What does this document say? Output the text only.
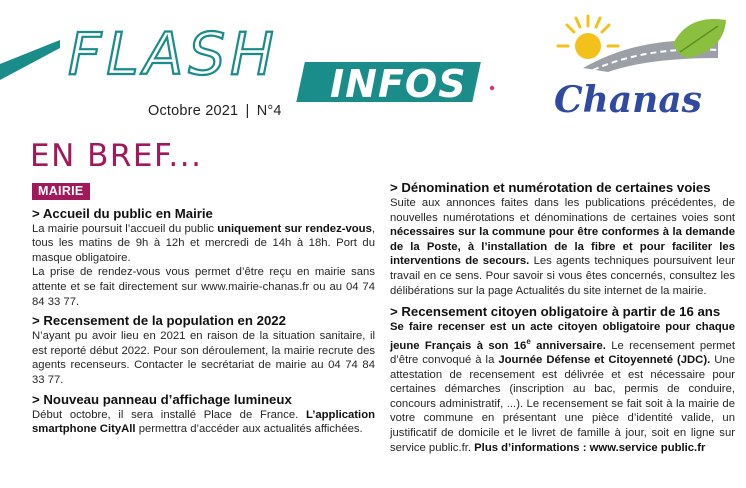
FLASH INFOS
Octobre 2021 | N°4	Chanas
EN BREF...
MAIRIE
> Accueil du public en Mairie

La mairie poursuit l’accueil du public uniquement sur rendez-vous, tous les matins de 9h à 12h et mercredi de 14h à 18h. Port du masque obligatoire.

La prise de rendez-vous vous permet d’être reçu en mairie sans attente et se fait directement sur www.mairie-chanas.fr ou au 04 74 84 33 77.

> Recensement de la population en 2022

N’ayant pu avoir lieu en 2021 en raison de la situation sanitaire, il est reporté début 2022. Pour son déroulement, la mairie recrute des agents recenseurs. Contacter le secrétariat de mairie au 04 74 84 33 77.

> Nouveau panneau d’affichage lumineux

Début octobre, il sera installé Place de France. L’application smartphone CityAll permettra d’accéder aux actualités affichées.

> Dénomination et numérotation de certaines voies

Suite aux annonces faites dans les publications précédentes, de nouvelles numérotations et dénominations de certaines voies sont nécessaires sur la commune pour être conformes à la demande de la Poste, à l’installation de la fibre et pour faciliter les interventions de secours. Les agents techniques poursuivent leur travail en ce sens. Pour savoir si vous êtes concernés, consultez les délibérations sur la page Actualités du site internet de la mairie.

> Recensement citoyen obligatoire à partir de 16 ans

Se faire recenser est un acte citoyen obligatoire pour chaque jeune Français à son 16e anniversaire. Le recensement permet d’être convoqué à la Journée Défense et Citoyenneté (JDC). Une attestation de recensement est délivrée et est nécessaire pour certaines démarches (inscription au bac, permis de conduire, concours administratif, ...). Le recensement se fait soit à la mairie de votre commune en présentant une pièce d’identité valide, un justificatif de domicile et le livret de famille à jour, soit en ligne sur service public.fr. Plus d’informations : www.service public.fr
